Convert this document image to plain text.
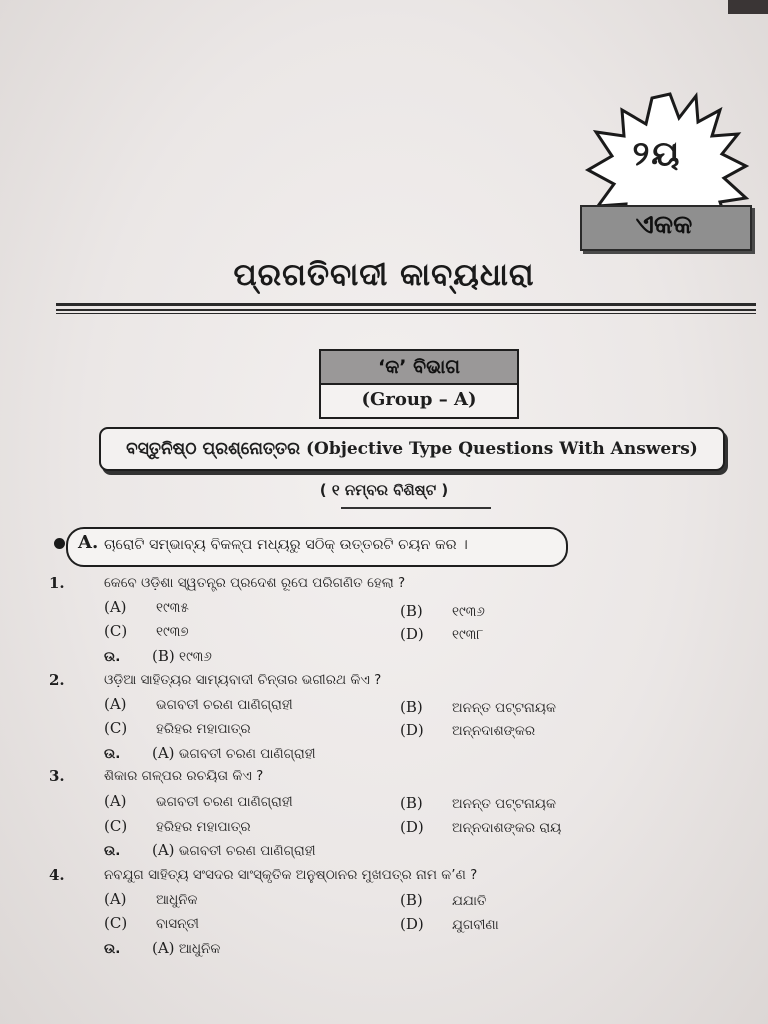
୨ୟ
ଏକକ
ପ୍ରଗତିବାଦୀ କାବ୍ୟଧାରା
‘କ’ ବିଭାଗ
(Group – A)
ବସ୍ତୁନିଷ୍ଠ ପ୍ରଶ୍ନୋତ୍ତର (Objective Type Questions With Answers)
( ୧ ନମ୍ବର ବିଶିଷ୍ଟ )
A. ଚାରୋଟି ସମ୍ଭାବ୍ୟ ବିକଳ୍ପ ମଧ୍ୟରୁ ସଠିକ୍ ଉତ୍ତରଟି ଚୟନ କର ।
1.	କେବେ ଓଡ଼ିଶା ସ୍ୱତନ୍ତ୍ର ପ୍ରଦେଶ ରୂପେ ପରିଗଣିତ ହେଲା ?
(A) ୧୯୩୫	(B) ୧୯୩୬
(C) ୧୯୩୭	(D) ୧୯୩୮
ଉ. (B) ୧୯୩୬
2.	ଓଡ଼ିଆ ସାହିତ୍ୟର ସାମ୍ୟବାଦୀ ଚିନ୍ତାର ଭଗୀରଥ କିଏ ?
(A) ଭଗବତୀ ଚରଣ ପାଣିଗ୍ରାହୀ	(B) ଅନନ୍ତ ପଟ୍ଟନାୟକ
(C) ହରିହର ମହାପାତ୍ର	(D) ଅନ୍ନଦାଶଙ୍କର
ଉ. (A) ଭଗବତୀ ଚରଣ ପାଣିଗ୍ରାହୀ
3.	ଶିକାର ଗଳ୍ପର ରଚୟିତା କିଏ ?
(A) ଭଗବତୀ ଚରଣ ପାଣିଗ୍ରାହୀ	(B) ଅନନ୍ତ ପଟ୍ଟନାୟକ
(C) ହରିହର ମହାପାତ୍ର	(D) ଅନ୍ନଦାଶଙ୍କର ରାୟ
ଉ. (A) ଭଗବତୀ ଚରଣ ପାଣିଗ୍ରାହୀ
4.	ନବଯୁଗ ସାହିତ୍ୟ ସଂସଦର ସାଂସ୍କୃତିକ ଅନୁଷ୍ଠାନର ମୁଖପତ୍ର ନାମ କ’ଣ ?
(A) ଆଧୁନିକ	(B) ଯଯାତି
(C) ବାସନ୍ତୀ	(D) ଯୁଗବୀଣା
ଉ. (A) ଆଧୁନିକ
